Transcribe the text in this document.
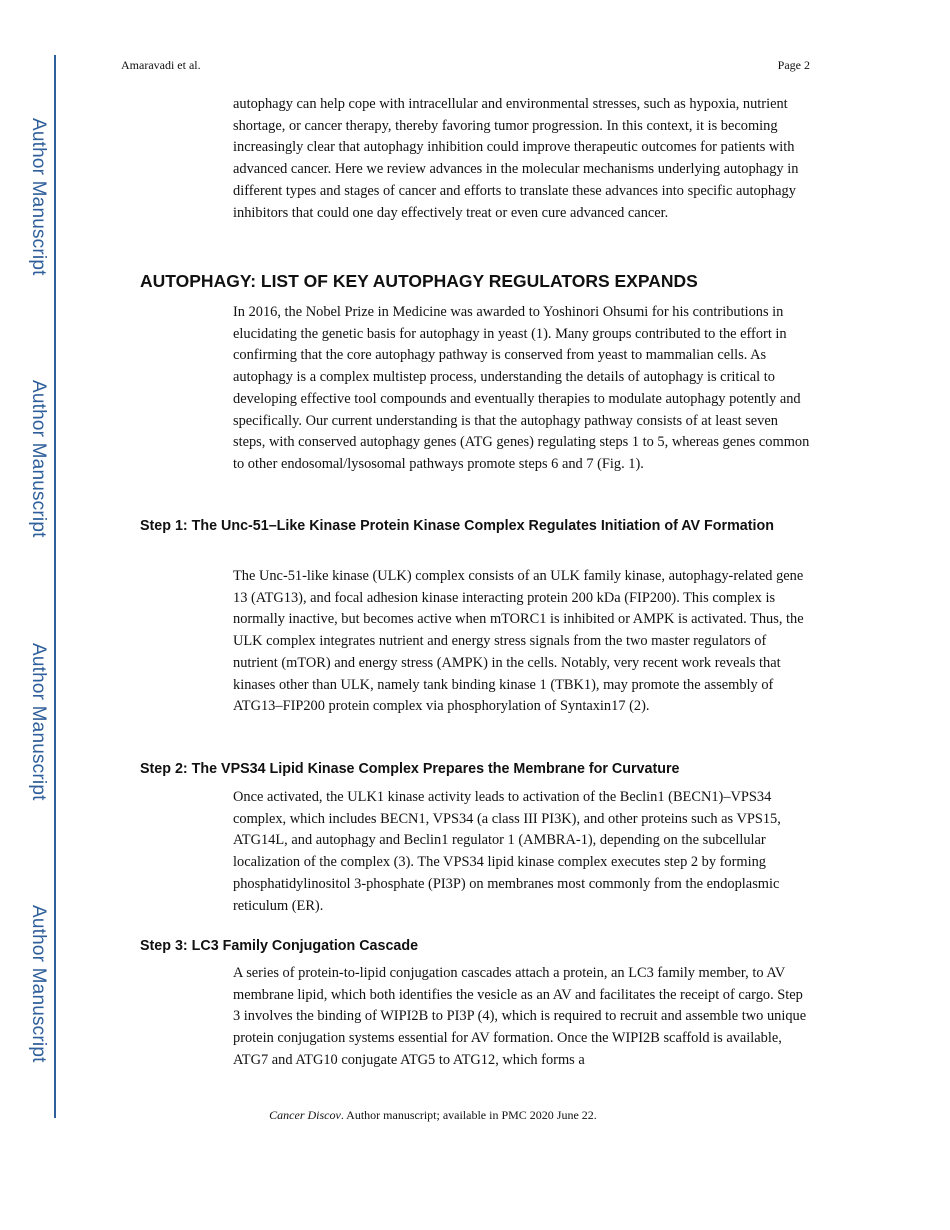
Author Manuscript
Author Manuscript
Author Manuscript
Author Manuscript
Amaravadi et al.	Page 2

autophagy can help cope with intracellular and environmental stresses, such as hypoxia, nutrient shortage, or cancer therapy, thereby favoring tumor progression. In this context, it is becoming increasingly clear that autophagy inhibition could improve therapeutic outcomes for patients with advanced cancer. Here we review advances in the molecular mechanisms underlying autophagy in different types and stages of cancer and efforts to translate these advances into specific autophagy inhibitors that could one day effectively treat or even cure advanced cancer.

AUTOPHAGY: LIST OF KEY AUTOPHAGY REGULATORS EXPANDS

In 2016, the Nobel Prize in Medicine was awarded to Yoshinori Ohsumi for his contributions in elucidating the genetic basis for autophagy in yeast (1). Many groups contributed to the effort in confirming that the core autophagy pathway is conserved from yeast to mammalian cells. As autophagy is a complex multistep process, understanding the details of autophagy is critical to developing effective tool compounds and eventually therapies to modulate autophagy potently and specifically. Our current understanding is that the autophagy pathway consists of at least seven steps, with conserved autophagy genes (ATG genes) regulating steps 1 to 5, whereas genes common to other endosomal/lysosomal pathways promote steps 6 and 7 (Fig. 1).

Step 1: The Unc-51–Like Kinase Protein Kinase Complex Regulates Initiation of AV Formation

The Unc-51-like kinase (ULK) complex consists of an ULK family kinase, autophagy-related gene 13 (ATG13), and focal adhesion kinase interacting protein 200 kDa (FIP200). This complex is normally inactive, but becomes active when mTORC1 is inhibited or AMPK is activated. Thus, the ULK complex integrates nutrient and energy stress signals from the two master regulators of nutrient (mTOR) and energy stress (AMPK) in the cells. Notably, very recent work reveals that kinases other than ULK, namely tank binding kinase 1 (TBK1), may promote the assembly of ATG13–FIP200 protein complex via phosphorylation of Syntaxin17 (2).

Step 2: The VPS34 Lipid Kinase Complex Prepares the Membrane for Curvature

Once activated, the ULK1 kinase activity leads to activation of the Beclin1 (BECN1)–VPS34 complex, which includes BECN1, VPS34 (a class III PI3K), and other proteins such as VPS15, ATG14L, and autophagy and Beclin1 regulator 1 (AMBRA-1), depending on the subcellular localization of the complex (3). The VPS34 lipid kinase complex executes step 2 by forming phosphatidylinositol 3-phosphate (PI3P) on membranes most commonly from the endoplasmic reticulum (ER).

Step 3: LC3 Family Conjugation Cascade

A series of protein-to-lipid conjugation cascades attach a protein, an LC3 family member, to AV membrane lipid, which both identifies the vesicle as an AV and facilitates the receipt of cargo. Step 3 involves the binding of WIPI2B to PI3P (4), which is required to recruit and assemble two unique protein conjugation systems essential for AV formation. Once the WIPI2B scaffold is available, ATG7 and ATG10 conjugate ATG5 to ATG12, which forms a

Cancer Discov. Author manuscript; available in PMC 2020 June 22.
